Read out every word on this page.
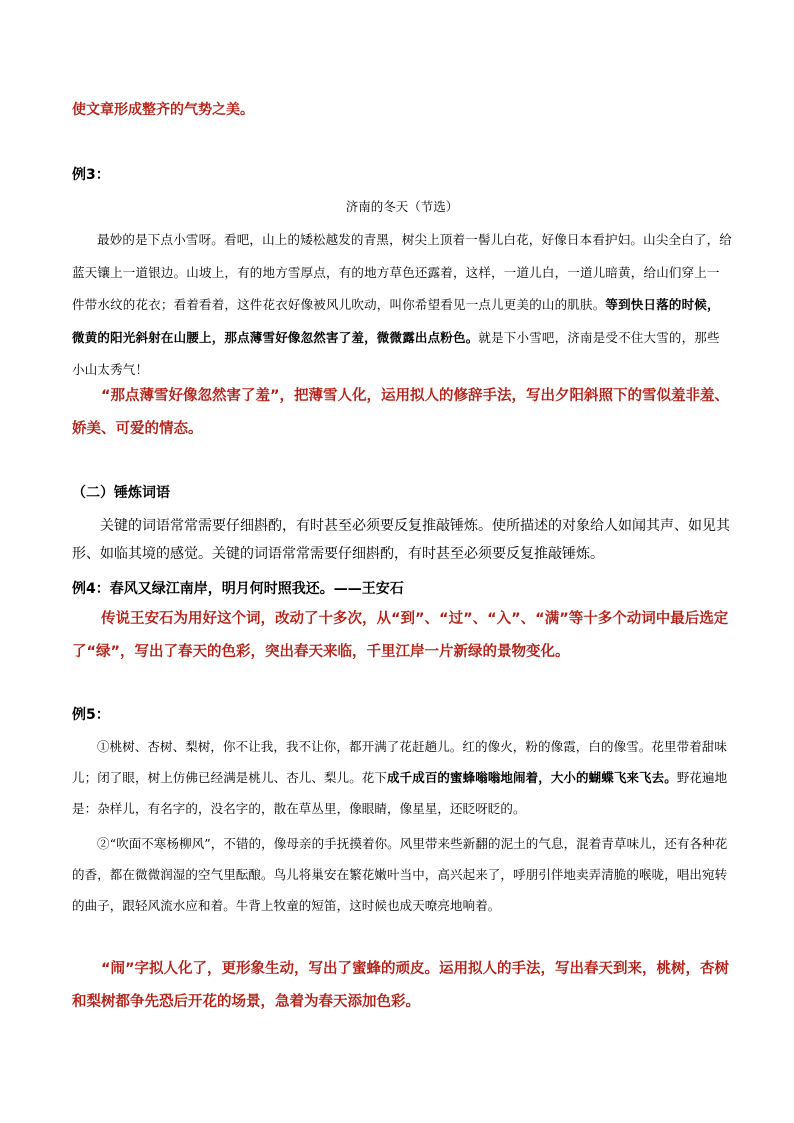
使文章形成整齐的气势之美。
例3：
济南的冬天（节选）
最妙的是下点小雪呀。看吧，山上的矮松越发的青黑，树尖上顶着一髻儿白花，好像日本看护妇。山尖全白了，给蓝天镶上一道银边。山坡上，有的地方雪厚点，有的地方草色还露着，这样，一道儿白，一道儿暗黄，给山们穿上一件带水纹的花衣；看着看着，这件花衣好像被风儿吹动，叫你希望看见一点儿更美的山的肌肤。等到快日落的时候，微黄的阳光斜射在山腰上，那点薄雪好像忽然害了羞，微微露出点粉色。就是下小雪吧，济南是受不住大雪的，那些小山太秀气！
“那点薄雪好像忽然害了羞”，把薄雪人化，运用拟人的修辞手法，写出夕阳斜照下的雪似羞非羞、娇美、可爱的情态。
（二）锤炼词语
关键的词语常常需要仔细斟酌，有时甚至必须要反复推敲锤炼。使所描述的对象给人如闻其声、如见其形、如临其境的感觉。关键的词语常常需要仔细斟酌，有时甚至必须要反复推敲锤炼。
例4：春风又绿江南岸，明月何时照我还。——王安石
传说王安石为用好这个词，改动了十多次，从“到”、“过”、“入”、“满”等十多个动词中最后选定了“绿”，写出了春天的色彩，突出春天来临，千里江岸一片新绿的景物变化。
例5：

①桃树、杏树、梨树，你不让我，我不让你，都开满了花赶趟儿。红的像火，粉的像霞，白的像雪。花里带着甜味儿；闭了眼，树上仿佛已经满是桃儿、杏儿、梨儿。花下成千成百的蜜蜂嗡嗡地闹着，大小的蝴蝶飞来飞去。野花遍地是：杂样儿，有名字的，没名字的，散在草丛里，像眼睛，像星星，还眨呀眨的。

②“吹面不寒杨柳风”，不错的，像母亲的手抚摸着你。风里带来些新翻的泥土的气息，混着青草味儿，还有各种花的香，都在微微润湿的空气里酝酿。鸟儿将巢安在繁花嫩叶当中，高兴起来了，呼朋引伴地卖弄清脆的喉咙，唱出宛转的曲子，跟轻风流水应和着。牛背上牧童的短笛，这时候也成天嘹亮地响着。

“闹”字拟人化了，更形象生动，写出了蜜蜂的顽皮。运用拟人的手法，写出春天到来，桃树，杏树和梨树都争先恐后开花的场景，急着为春天添加色彩。
